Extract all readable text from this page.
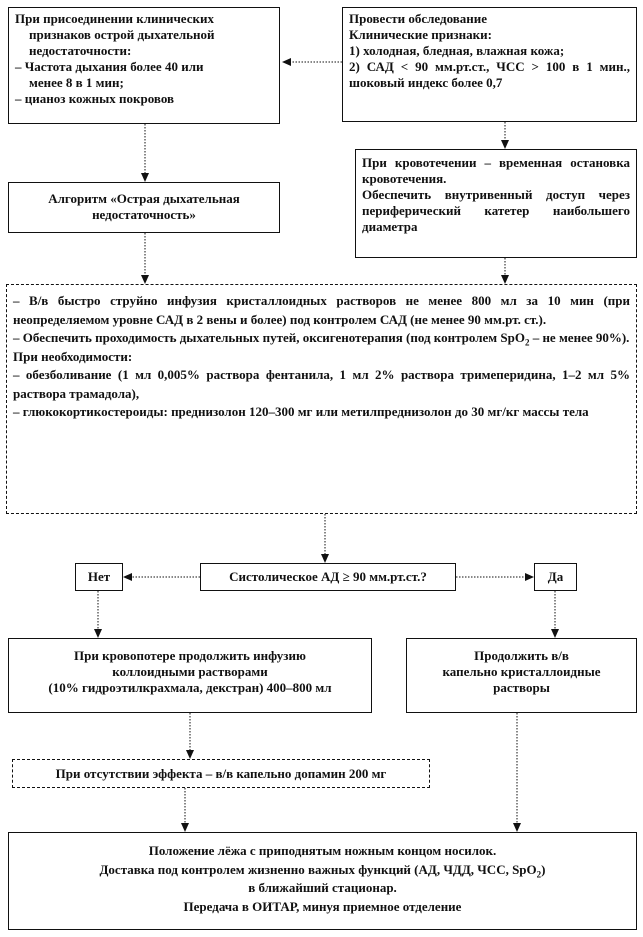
При присоединении клинических

признаков острой дыхательной

недостаточности:

– Частота дыхания более 40 или

менее 8 в 1 мин;

– цианоз кожных покровов

Провести обследование

Клинические признаки:

1) холодная, бледная, влажная кожа;

2) САД < 90 мм.рт.ст., ЧСС > 100 в 1 мин., шоковый индекс более 0,7

При кровотечении – временная остановка кровотечения.

Обеспечить внутривенный доступ через периферический катетер наибольшего диаметра

Алгоритм «Острая дыхательная

недостаточность»

– В/в быстро струйно инфузия кристаллоидных растворов не менее 800 мл за 10 мин (при неопределяемом уровне САД в 2 вены и более) под контролем САД (не менее 90 мм.рт. ст.).

– Обеспечить проходимость дыхательных путей, оксигенотерапия (под контролем SpO$_2$ – не менее 90%).

При необходимости:

– обезболивание (1 мл 0,005% раствора фентанила, 1 мл 2% раствора тримеперидина, 1–2 мл 5% раствора трамадола),

– глюкокортикостероиды: преднизолон 120–300 мг или метилпреднизолон до 30 мг/кг массы тела

Систолическое АД ≥ 90 мм.рт.ст.?
Нет	Да

При кровопотере продолжить инфузию

коллоидными растворами

(10% гидроэтилкрахмала, декстран) 400–800 мл

Продолжить в/в

капельно кристаллоидные

растворы

При отсутствии эффекта – в/в капельно допамин 200 мг

Положение лёжа с приподнятым ножным концом носилок.

Доставка под контролем жизненно важных функций (АД, ЧДД, ЧСС, SpO$_2$)

в ближайший стационар.

Передача в ОИТАР, минуя приемное отделение
